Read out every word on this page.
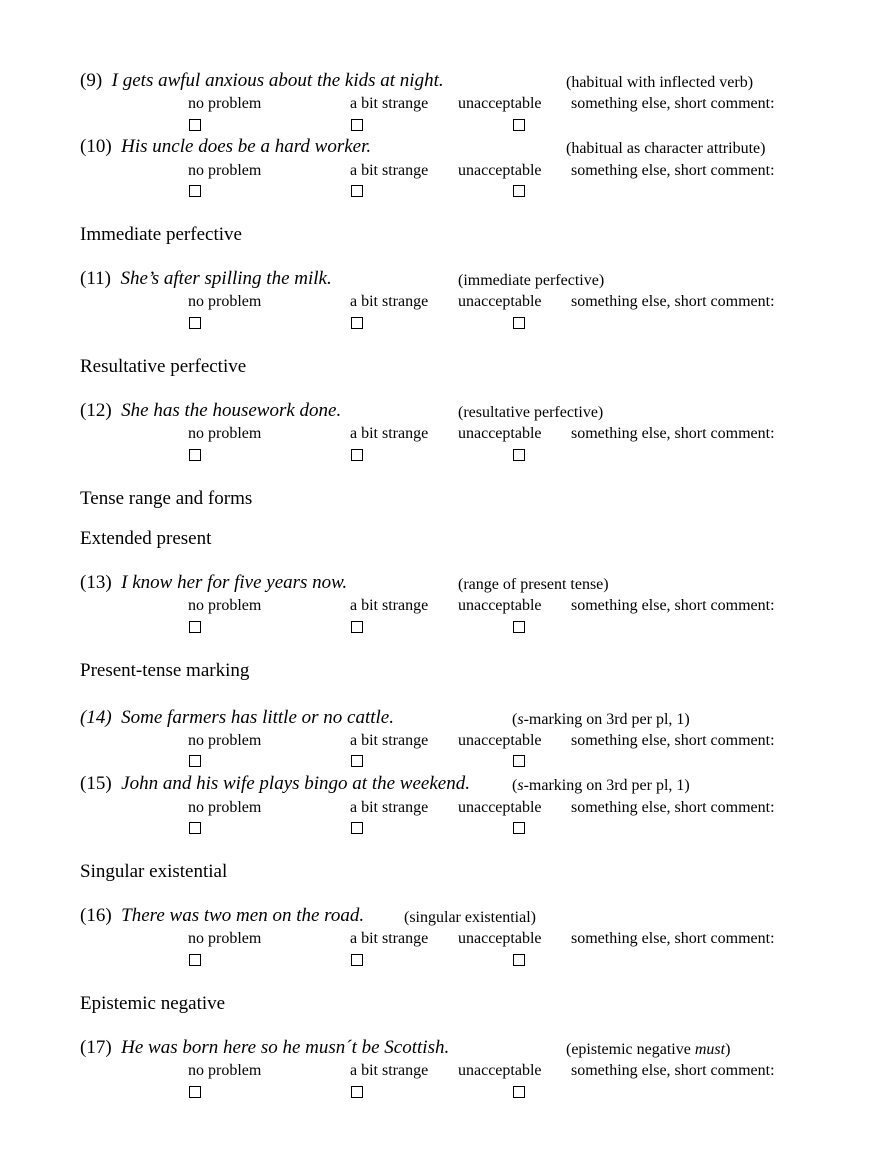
(9) I gets awful anxious about the kids at night.	(habitual with inflected verb)
no problem	a bit strange unacceptable something else, short comment:
(10) His uncle does be a hard worker.	(habitual as character attribute)
no problem	a bit strange unacceptable something else, short comment:
Immediate perfective
(11) She’s after spilling the milk.	(immediate perfective)
no problem	a bit strange unacceptable something else, short comment:
Resultative perfective
(12) She has the housework done.	(resultative perfective)
no problem	a bit strange unacceptable something else, short comment:
Tense range and forms
Extended present
(13) I know her for five years now.	(range of present tense)
no problem	a bit strange unacceptable something else, short comment:
Present-tense marking
(14) Some farmers has little or no cattle.	(s-marking on 3rd per pl, 1)
no problem	a bit strange unacceptable something else, short comment:
(15) John and his wife plays bingo at the weekend.	(s-marking on 3rd per pl, 1)
no problem	a bit strange unacceptable something else, short comment:
Singular existential
(16) There was two men on the road. (singular existential)
no problem	a bit strange unacceptable something else, short comment:
Epistemic negative
(17) He was born here so he musn´t be Scottish.	(epistemic negative must)
no problem	a bit strange unacceptable something else, short comment:
